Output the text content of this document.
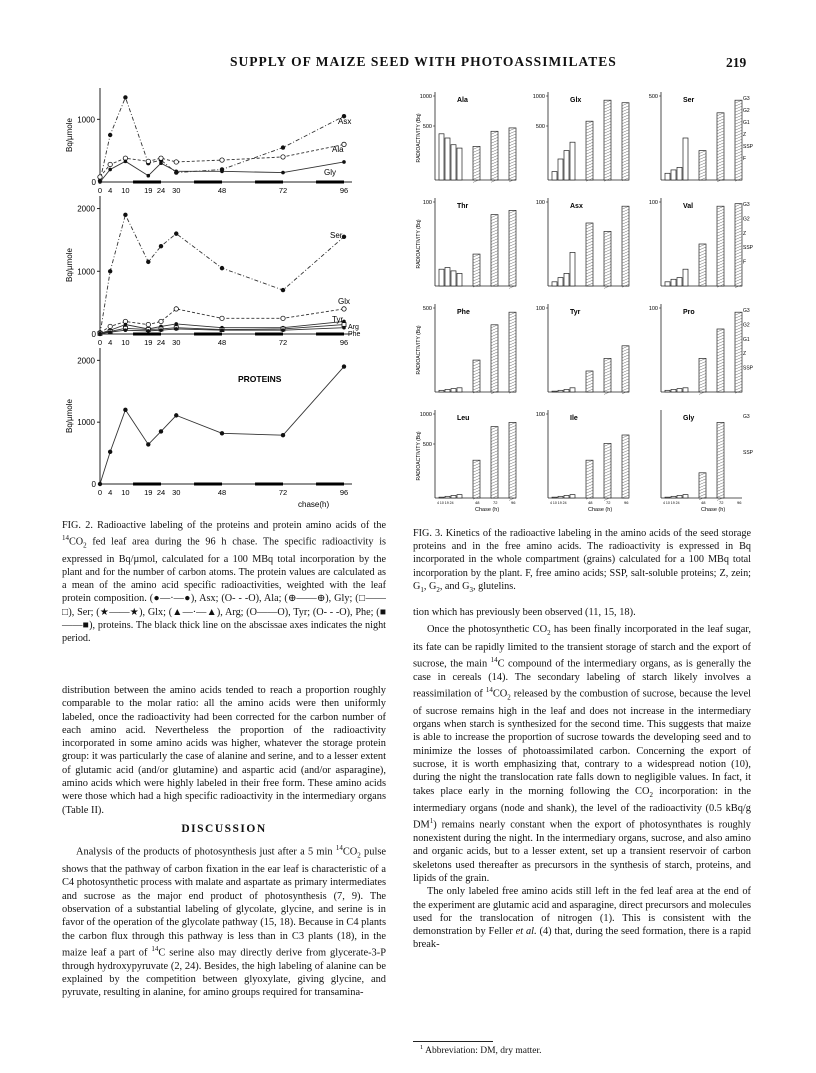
SUPPLY OF MAIZE SEED WITH PHOTOASSIMILATES	219
1000
0
Bq/µmole
0 4 10 19 24 30	48	72	96
2000
1000
0
Bq/µmole
0 4 10 19 24 30	48	72	96
2000
1000
0
Bq/µmole
0 4 10 19 24 30	48	72	96
Asx
Ala
Gly
Ser
Glx
Tyr
Arg
Phe
PROTEINS
chase(h)
RADIOACTIVITY (Bq)
1000
500
Ala	1000
500
Glx	500	Ser	G3
G2
G1
Z
SSP
F
RADIOACTIVITY (Bq)
100	Thr	100	Asx	100	Val	G3
G2
Z
SSP
F
RADIOACTIVITY (Bq)
500	Phe	100	Tyr	100	Pro	G3
G2
G1
Z
SSP
RADIOACTIVITY (Bq)
1000
500
Leu
4 10 19 24	48	72	96
Chase (h)
100	Ile
4 10 19 24	48	72	96
Chase (h)
Gly	G3
SSP
4 10 19 24	48	72	96
Chase (h)
FIG. 2. Radioactive labeling of the proteins and protein amino acids of the $^{14}CO_2$ fed leaf area during the 96 h chase. The specific radioactivity is expressed in Bq/µmol, calculated for a 100 MBq total incorporation by the plant and for the number of carbon atoms. The protein values are calculated as a mean of the amino acid specific radioactivities, weighted with the leaf protein composition. (●—·—●), Asx; (O- - -O), Ala; (⊕——⊕), Gly; (□——□), Ser; (★——★), Glx; (▲—·—▲), Arg; (O——O), Tyr; (O- - -O), Phe; (■——■), proteins. The black thick line on the abscissae axes indicates the night period.
FIG. 3. Kinetics of the radioactive labeling in the amino acids of the seed storage proteins and in the free amino acids. The radioactivity is expressed in Bq incorporated in the whole compartment (grains) calculated for a 100 MBq total incorporation by the plant. F, free amino acids; SSP, salt-soluble proteins; Z, zein; $G_1$, $G_2$, and $G_3$, glutelins.

distribution between the amino acids tended to reach a proportion roughly comparable to the molar ratio: all the amino acids were then uniformly labeled, once the radioactivity had been corrected for the carbon number of each amino acid. Nevertheless the proportion of the radioactivity incorporated in some amino acids was higher, whatever the storage protein group: it was particularly the case of alanine and serine, and to a lesser extent of glutamic acid (and/or glutamine) and aspartic acid (and/or asparagine), amino acids which were highly labeled in their free form. These amino acids were those which had a high specific radioactivity in the intermediary organs (Table II).

DISCUSSION

Analysis of the products of photosynthesis just after a 5 $\min ^{14}CO_2$ pulse shows that the pathway of carbon fixation in the ear leaf is characteristic of a C4 photosynthetic process with malate and aspartate as primary intermediates and sucrose as the major end product of photosynthesis (7, 9). The observation of a substantial labeling of glycolate, glycine, and serine is in favor of the operation of the glycolate pathway (15, 18). Because in C4 plants the carbon flux through this pathway is less than in C3 plants (18), in the maize leaf a part of $^{14}$C serine also may directly derive from glycerate-3-P through hydroxypyruvate (2, 24). Besides, the high labeling of alanine can be explained by the competition between glyoxylate, giving glycine, and pyruvate, resulting in alanine, for amino groups required for transamina-

tion which has previously been observed (11, 15, 18).

Once the photosynthetic $CO_2$ has been finally incorporated in the leaf sugar, its fate can be rapidly limited to the transient storage of starch and the export of sucrose, the main $^{14}$C compound of the intermediary organs, as is generally the case in cereals (14). The secondary labeling of starch likely involves a reassimilation of $^{14}CO_2$ released by the combustion of sucrose, because the level of sucrose remains high in the leaf and does not increase in the intermediary organs when starch is synthesized for the second time. This suggests that maize is able to increase the proportion of sucrose towards the developing seed and to minimize the losses of photoassimilated carbon. Concerning the export of sucrose, it is worth emphasizing that, contrary to a widespread notion (10), during the night the translocation rate falls down to negligible values. In fact, it takes place early in the morning following the $CO_2$ incorporation: in the intermediary organs (node and shank), the level of the radioactivity (0.5 kBq/g $DM^1$) remains nearly constant when the export of photosynthates is roughly nonexistent during the night. In the intermediary organs, sucrose, and also amino and organic acids, but to a lesser extent, set up a transient reservoir of carbon skeletons used thereafter as precursors in the synthesis of starch, proteins, and lipids of the grain.

The only labeled free amino acids still left in the fed leaf area at the end of the experiment are glutamic acid and asparagine, direct precursors and molecules used for the translocation of nitrogen (1). This is consistent with the demonstration by Feller et al. (4) that, during the seed formation, there is a rapid break-

$^1$ Abbreviation: DM, dry matter.
